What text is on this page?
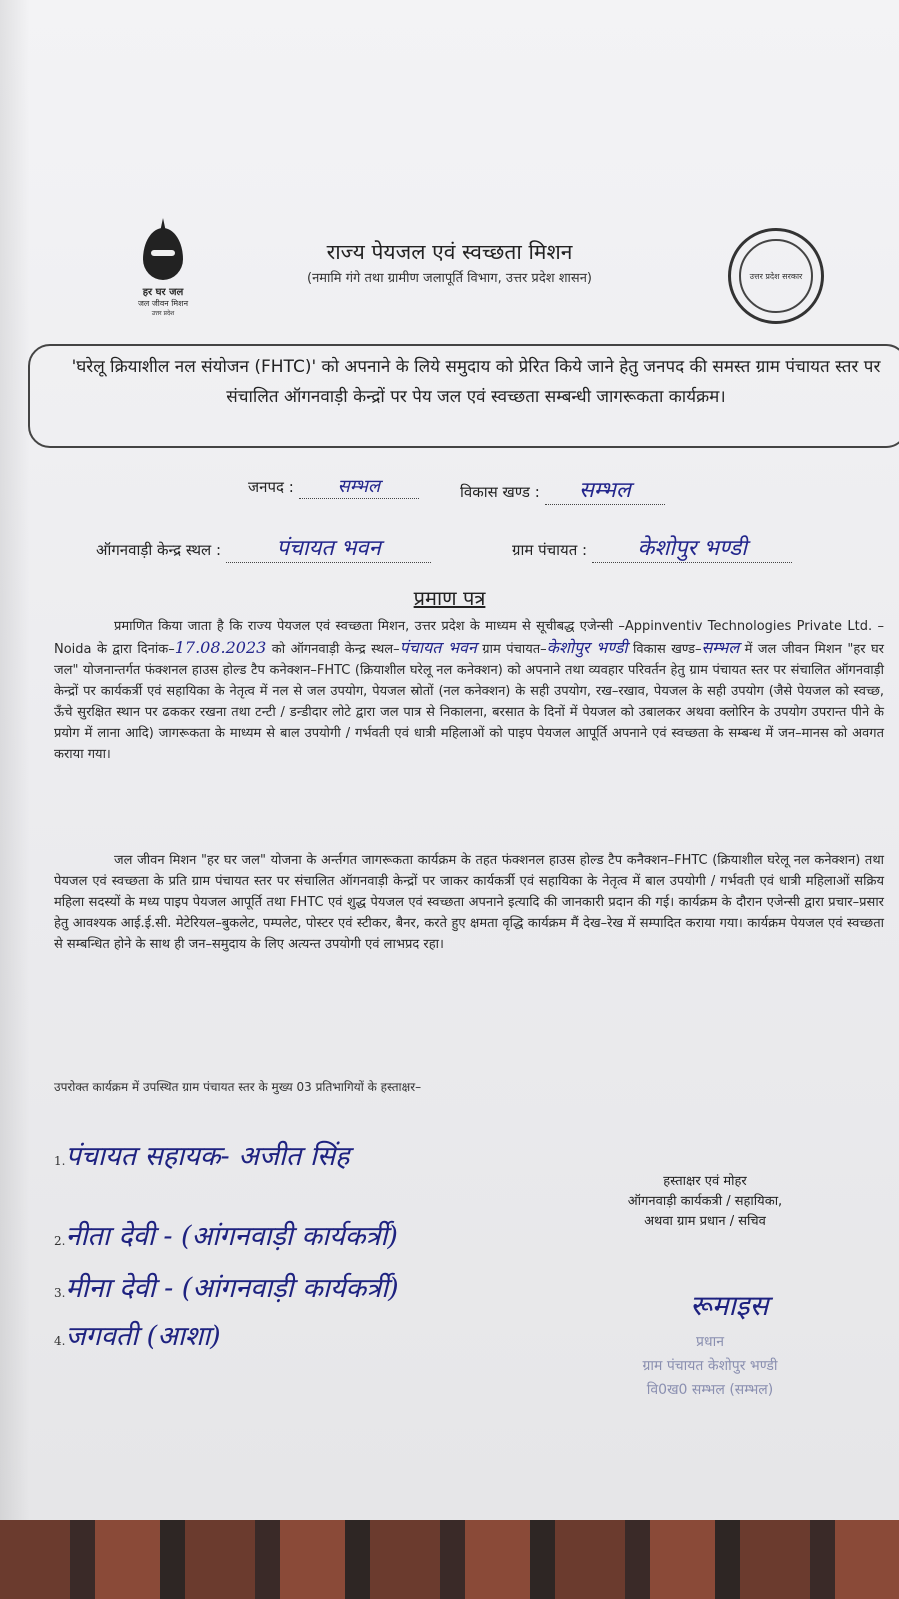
हर घर जल
जल जीवन मिशन
उत्तर प्रदेश
राज्य पेयजल एवं स्वच्छता मिशन
(नमामि गंगे तथा ग्रामीण जलापूर्ति विभाग, उत्तर प्रदेश शासन)	उत्तर प्रदेश सरकार
'घरेलू क्रियाशील नल संयोजन (FHTC)' को अपनाने के लिये समुदाय को प्रेरित किये जाने हेतु जनपद की समस्त ग्राम पंचायत स्तर पर संचालित ऑगनवाड़ी केन्द्रों पर पेय जल एवं स्वच्छता सम्बन्धी जागरूकता कार्यक्रम।
जनपद : सम्भल	विकास खण्ड : सम्भल
ऑगनवाड़ी केन्द्र स्थल :	पंचायत भवन	ग्राम पंचायत : केशोपुर भण्डी
प्रमाण पत्र
प्रमाणित किया जाता है कि राज्य पेयजल एवं स्वच्छता मिशन, उत्तर प्रदेश के माध्यम से सूचीबद्ध एजेन्सी –Appinventiv Technologies Private Ltd. – Noida के द्वारा दिनांक–17.08.2023 को ऑगनवाड़ी केन्द्र स्थल–पंचायत भवन ग्राम पंचायत–केशोपुर भण्डी विकास खण्ड–सम्भल में जल जीवन मिशन "हर घर जल" योजनान्तर्गत फंक्शनल हाउस होल्ड टैप कनेक्शन–FHTC (क्रियाशील घरेलू नल कनेक्शन) को अपनाने तथा व्यवहार परिवर्तन हेतु ग्राम पंचायत स्तर पर संचालित ऑगनवाड़ी केन्द्रों पर कार्यकर्त्री एवं सहायिका के नेतृत्व में नल से जल उपयोग, पेयजल स्रोतों (नल कनेक्शन) के सही उपयोग, रख–रखाव, पेयजल के सही उपयोग (जैसे पेयजल को स्वच्छ, ऊँचे सुरक्षित स्थान पर ढककर रखना तथा टन्टी / डन्डीदार लोटे द्वारा जल पात्र से निकालना, बरसात के दिनों में पेयजल को उबालकर अथवा क्लोरिन के उपयोग उपरान्त पीने के प्रयोग में लाना आदि) जागरूकता के माध्यम से बाल उपयोगी / गर्भवती एवं धात्री महिलाओं को पाइप पेयजल आपूर्ति अपनाने एवं स्वच्छता के सम्बन्ध में जन–मानस को अवगत कराया गया।
जल जीवन मिशन "हर घर जल" योजना के अर्न्तगत जागरूकता कार्यक्रम के तहत फंक्शनल हाउस होल्ड टैप कनैक्शन–FHTC (क्रियाशील घरेलू नल कनेक्शन) तथा पेयजल एवं स्वच्छता के प्रति ग्राम पंचायत स्तर पर संचालित ऑगनवाड़ी केन्द्रों पर जाकर कार्यकर्त्री एवं सहायिका के नेतृत्व में बाल उपयोगी / गर्भवती एवं धात्री महिलाओं सक्रिय महिला सदस्यों के मध्य पाइप पेयजल आपूर्ति तथा FHTC एवं शुद्ध पेयजल एवं स्वच्छता अपनाने इत्यादि की जानकारी प्रदान की गई। कार्यक्रम के दौरान एजेन्सी द्वारा प्रचार–प्रसार हेतु आवश्यक आई.ई.सी. मेटेरियल–बुकलेट, पम्पलेट, पोस्टर एवं स्टीकर, बैनर, करते हुए क्षमता वृद्धि कार्यक्रम मैं देख–रेख में सम्पादित कराया गया। कार्यक्रम पेयजल एवं स्वच्छता से सम्बन्धित होने के साथ ही जन–समुदाय के लिए अत्यन्त उपयोगी एवं लाभप्रद रहा।
उपरोक्त कार्यक्रम में उपस्थित ग्राम पंचायत स्तर के मुख्य 03 प्रतिभागियों के हस्ताक्षर–
1.पंचायत सहायक- अजीत सिंह
2.नीता देवी - (आंगनवाड़ी कार्यकर्त्री)
3.मीना देवी - (आंगनवाड़ी कार्यकर्त्री)
4.जगवती (आशा)
हस्ताक्षर एवं मोहर
ऑगनवाड़ी कार्यकत्री / सहायिका,
अथवा ग्राम प्रधान / सचिव
रूमाइस
प्रधान
ग्राम पंचायत केशोपुर भण्डी
वि0ख0 सम्भल (सम्भल)
